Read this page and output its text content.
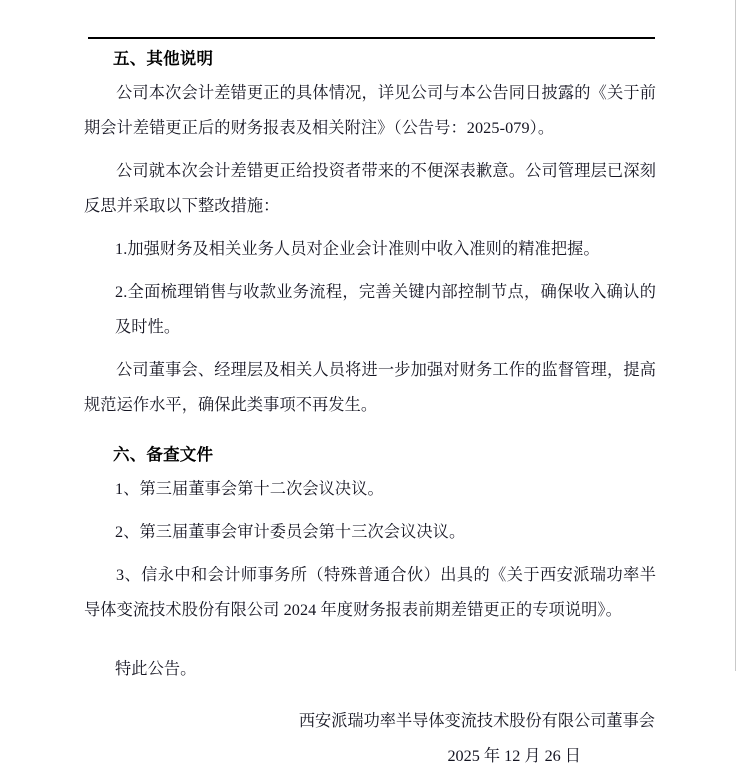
五、其他说明

公司本次会计差错更正的具体情况，详见公司与本公告同日披露的《关于前期会计差错更正后的财务报表及相关附注》（公告号：2025-079）。

公司就本次会计差错更正给投资者带来的不便深表歉意。公司管理层已深刻反思并采取以下整改措施：

1.加强财务及相关业务人员对企业会计准则中收入准则的精准把握。

2.全面梳理销售与收款业务流程，完善关键内部控制节点，确保收入确认的及时性。

公司董事会、经理层及相关人员将进一步加强对财务工作的监督管理，提高规范运作水平，确保此类事项不再发生。

六、备查文件

1、第三届董事会第十二次会议决议。

2、第三届董事会审计委员会第十三次会议决议。

3、信永中和会计师事务所（特殊普通合伙）出具的《关于西安派瑞功率半导体变流技术股份有限公司 2024 年度财务报表前期差错更正的专项说明》。

特此公告。

西安派瑞功率半导体变流技术股份有限公司董事会

2025 年 12 月 26 日
